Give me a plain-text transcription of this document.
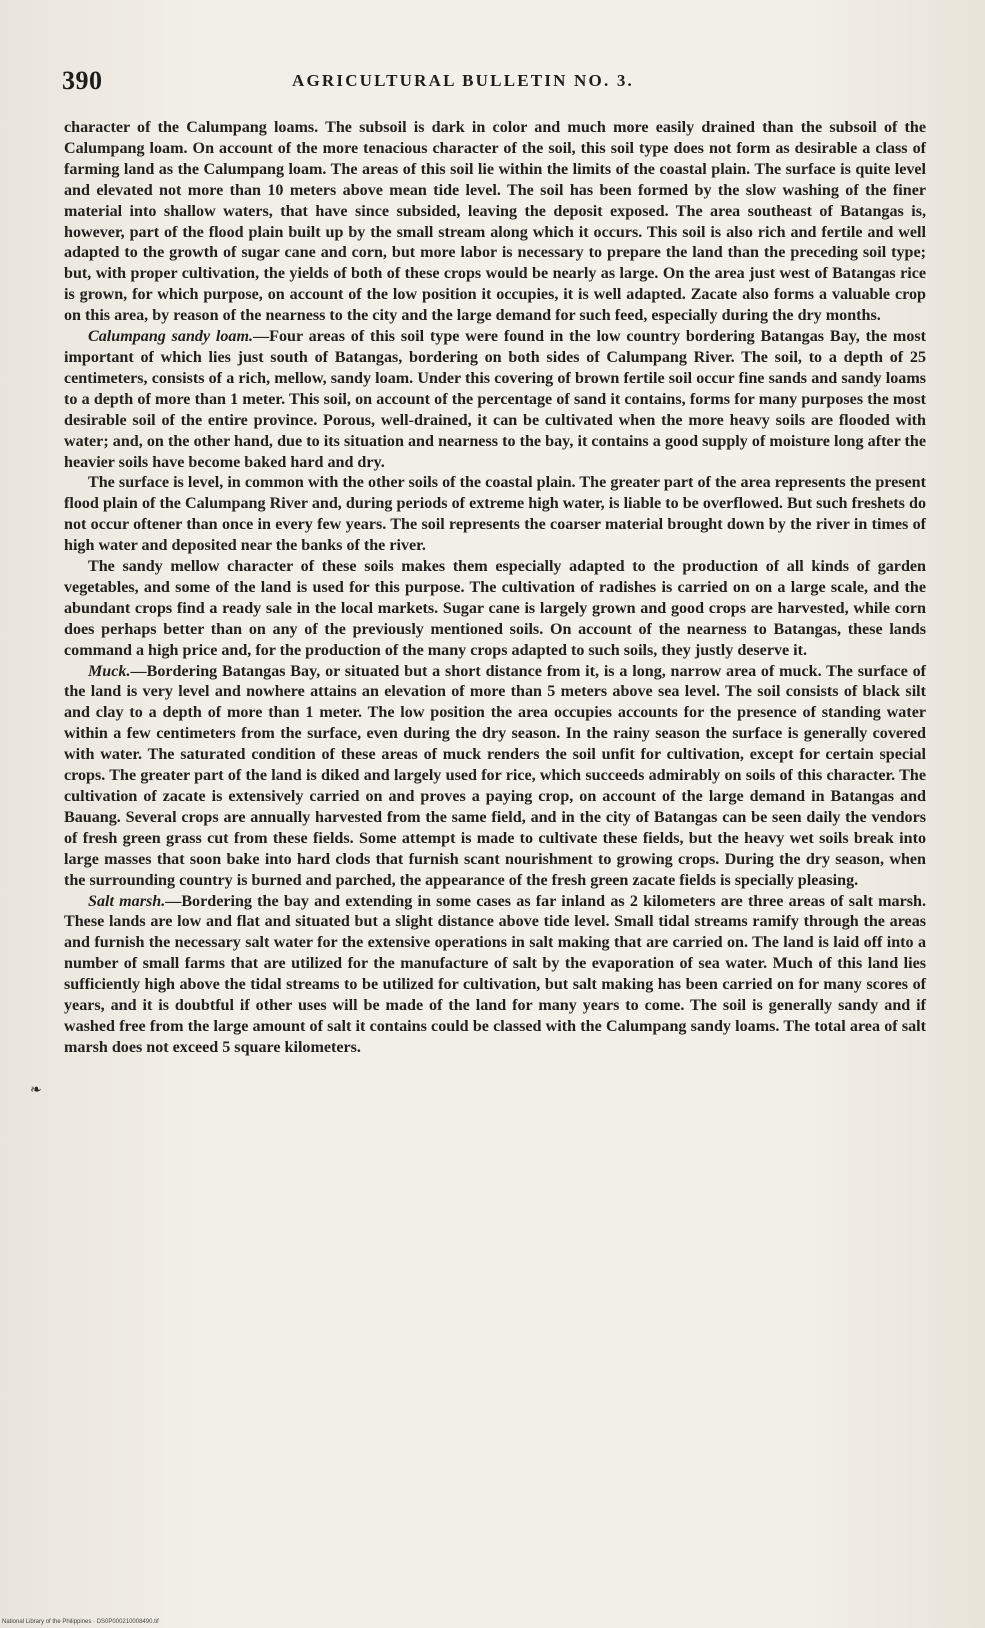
390	AGRICULTURAL BULLETIN NO. 3.

character of the Calumpang loams. The subsoil is dark in color and much more easily drained than the subsoil of the Calumpang loam. On account of the more tenacious character of the soil, this soil type does not form as desirable a class of farming land as the Calumpang loam. The areas of this soil lie within the limits of the coastal plain. The surface is quite level and elevated not more than 10 meters above mean tide level. The soil has been formed by the slow washing of the finer material into shallow waters, that have since subsided, leaving the deposit exposed. The area southeast of Batangas is, however, part of the flood plain built up by the small stream along which it occurs. This soil is also rich and fertile and well adapted to the growth of sugar cane and corn, but more labor is necessary to prepare the land than the preceding soil type; but, with proper cultivation, the yields of both of these crops would be nearly as large. On the area just west of Batangas rice is grown, for which purpose, on account of the low position it occupies, it is well adapted. Zacate also forms a valuable crop on this area, by reason of the nearness to the city and the large demand for such feed, especially during the dry months.

Calumpang sandy loam.—Four areas of this soil type were found in the low country bordering Batangas Bay, the most important of which lies just south of Batangas, bordering on both sides of Calumpang River. The soil, to a depth of 25 centimeters, consists of a rich, mellow, sandy loam. Under this covering of brown fertile soil occur fine sands and sandy loams to a depth of more than 1 meter. This soil, on account of the percentage of sand it contains, forms for many purposes the most desirable soil of the entire province. Porous, well-drained, it can be cultivated when the more heavy soils are flooded with water; and, on the other hand, due to its situation and nearness to the bay, it contains a good supply of moisture long after the heavier soils have become baked hard and dry.

The surface is level, in common with the other soils of the coastal plain. The greater part of the area represents the present flood plain of the Calumpang River and, during periods of extreme high water, is liable to be overflowed. But such freshets do not occur oftener than once in every few years. The soil represents the coarser material brought down by the river in times of high water and deposited near the banks of the river.

The sandy mellow character of these soils makes them especially adapted to the production of all kinds of garden vegetables, and some of the land is used for this purpose. The cultivation of radishes is carried on on a large scale, and the abundant crops find a ready sale in the local markets. Sugar cane is largely grown and good crops are harvested, while corn does perhaps better than on any of the previously mentioned soils. On account of the nearness to Batangas, these lands command a high price and, for the production of the many crops adapted to such soils, they justly deserve it.

Muck.—Bordering Batangas Bay, or situated but a short distance from it, is a long, narrow area of muck. The surface of the land is very level and nowhere attains an elevation of more than 5 meters above sea level. The soil consists of black silt and clay to a depth of more than 1 meter. The low position the area occupies accounts for the presence of standing water within a few centimeters from the surface, even during the dry season. In the rainy season the surface is generally covered with water. The saturated condition of these areas of muck renders the soil unfit for cultivation, except for certain special crops. The greater part of the land is diked and largely used for rice, which succeeds admirably on soils of this character. The cultivation of zacate is extensively carried on and proves a paying crop, on account of the large demand in Batangas and Bauang. Several crops are annually harvested from the same field, and in the city of Batangas can be seen daily the vendors of fresh green grass cut from these fields. Some attempt is made to cultivate these fields, but the heavy wet soils break into large masses that soon bake into hard clods that furnish scant nourishment to growing crops. During the dry season, when the surrounding country is burned and parched, the appearance of the fresh green zacate fields is specially pleasing.

Salt marsh.—Bordering the bay and extending in some cases as far inland as 2 kilometers are three areas of salt marsh. These lands are low and flat and situated but a slight distance above tide level. Small tidal streams ramify through the areas and furnish the necessary salt water for the extensive operations in salt making that are carried on. The land is laid off into a number of small farms that are utilized for the manufacture of salt by the evaporation of sea water. Much of this land lies sufficiently high above the tidal streams to be utilized for cultivation, but salt making has been carried on for many scores of years, and it is doubtful if other uses will be made of the land for many years to come. The soil is generally sandy and if washed free from the large amount of salt it contains could be classed with the Calumpang sandy loams. The total area of salt marsh does not exceed 5 square kilometers.

❧
National Library of the Philippines · DS0P000210008490.tif
